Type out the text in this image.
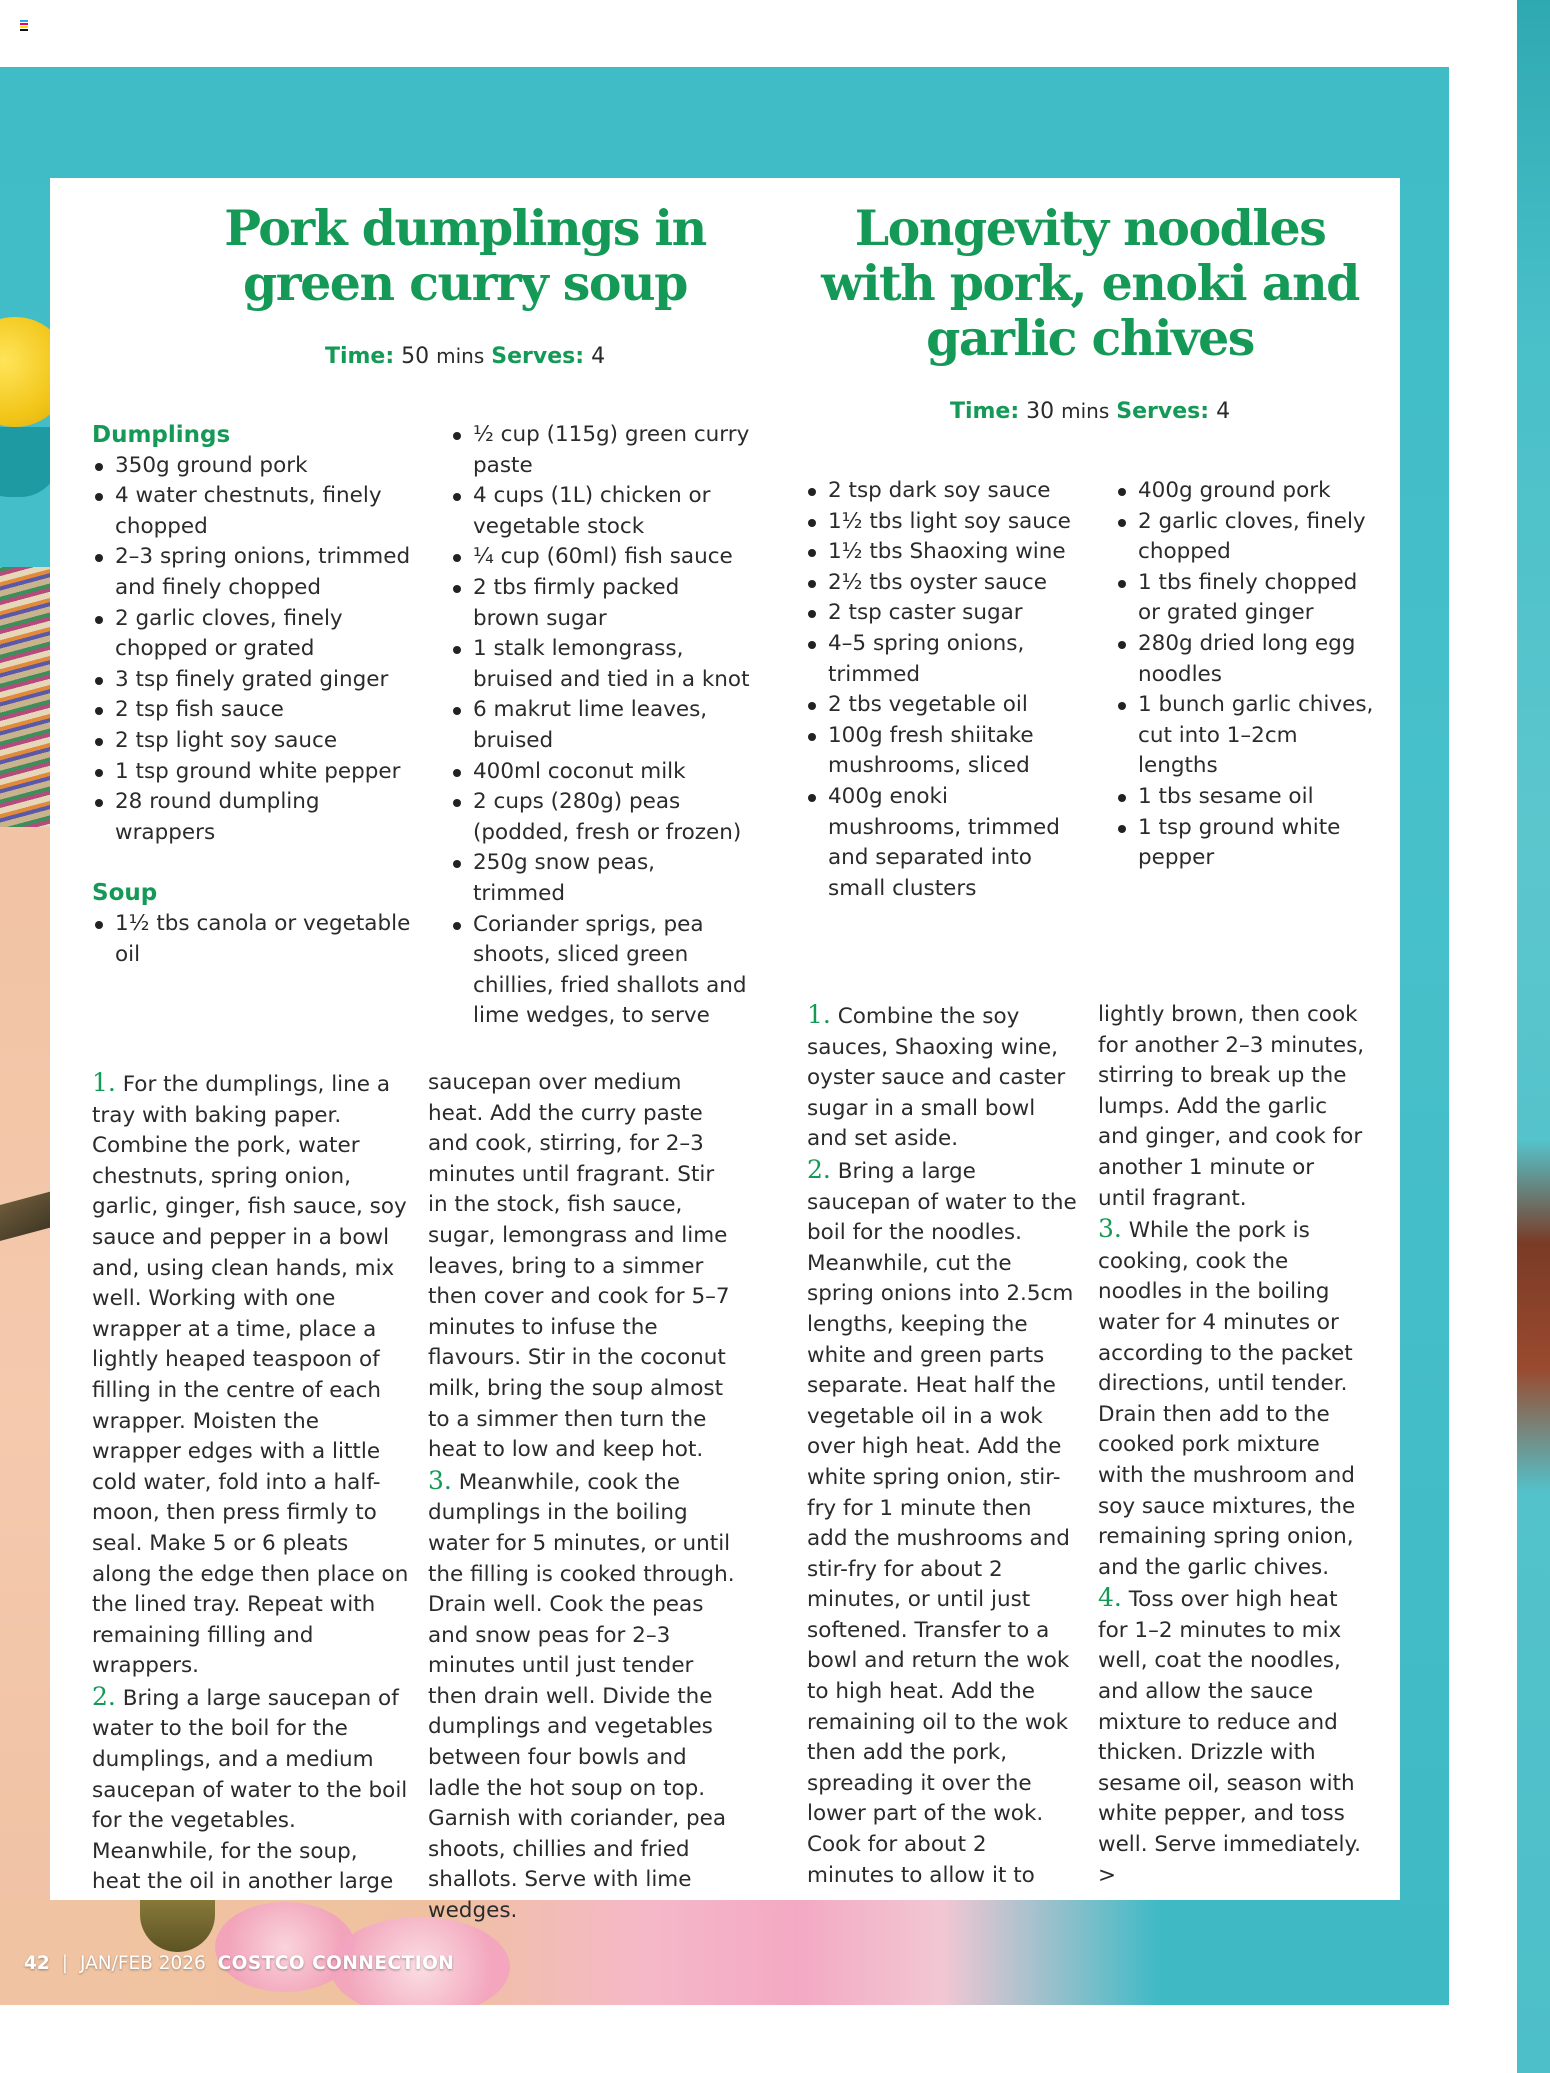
Pork dumplings in
green curry soup
Time: 50 mins Serves: 4
Dumplings
350g ground pork
4 water chestnuts, finely chopped
2–3 spring onions, trimmed and finely chopped
2 garlic cloves, finely chopped or grated
3 tsp finely grated ginger
2 tsp fish sauce
2 tsp light soy sauce
1 tsp ground white pepper
28 round dumpling wrappers
Soup
1½ tbs canola or vegetable oil
½ cup (115g) green curry paste
4 cups (1L) chicken or vegetable stock
¼ cup (60ml) fish sauce
2 tbs firmly packed brown sugar
1 stalk lemongrass, bruised and tied in a knot
6 makrut lime leaves, bruised
400ml coconut milk
2 cups (280g) peas (podded, fresh or frozen)
250g snow peas, trimmed
Coriander sprigs, pea shoots, sliced green chillies, fried shallots and lime wedges, to serve

1. For the dumplings, line a tray with baking paper. Combine the pork, water chestnuts, spring onion, garlic, ginger, fish sauce, soy sauce and pepper in a bowl and, using clean hands, mix well. Working with one wrapper at a time, place a lightly heaped teaspoon of filling in the centre of each wrapper. Moisten the wrapper edges with a little cold water, fold into a half-moon, then press firmly to seal. Make 5 or 6 pleats along the edge then place on the lined tray. Repeat with remaining filling and wrappers.

2. Bring a large saucepan of water to the boil for the dumplings, and a medium saucepan of water to the boil for the vegetables. Meanwhile, for the soup, heat the oil in another large

saucepan over medium heat. Add the curry paste and cook, stirring, for 2–3 minutes until fragrant. Stir in the stock, fish sauce, sugar, lemongrass and lime leaves, bring to a simmer then cover and cook for 5–7 minutes to infuse the flavours. Stir in the coconut milk, bring the soup almost to a simmer then turn the heat to low and keep hot.

3. Meanwhile, cook the dumplings in the boiling water for 5 minutes, or until the filling is cooked through. Drain well. Cook the peas and snow peas for 2–3 minutes until just tender then drain well. Divide the dumplings and vegetables between four bowls and ladle the hot soup on top. Garnish with coriander, pea shoots, chillies and fried shallots. Serve with lime wedges.

Longevity noodles
with pork, enoki and
garlic chives
Time: 30 mins Serves: 4
2 tsp dark soy sauce
1½ tbs light soy sauce
1½ tbs Shaoxing wine
2½ tbs oyster sauce
2 tsp caster sugar
4–5 spring onions, trimmed
2 tbs vegetable oil
100g fresh shiitake mushrooms, sliced
400g enoki mushrooms, trimmed and separated into small clusters
400g ground pork
2 garlic cloves, finely chopped
1 tbs finely chopped or grated ginger
280g dried long egg noodles
1 bunch garlic chives, cut into 1–2cm lengths
1 tbs sesame oil
1 tsp ground white pepper

1. Combine the soy sauces, Shaoxing wine, oyster sauce and caster sugar in a small bowl and set aside.

2. Bring a large saucepan of water to the boil for the noodles. Meanwhile, cut the spring onions into 2.5cm lengths, keeping the white and green parts separate. Heat half the vegetable oil in a wok over high heat. Add the white spring onion, stir-fry for 1 minute then add the mushrooms and stir-fry for about 2 minutes, or until just softened. Transfer to a bowl and return the wok to high heat. Add the remaining oil to the wok then add the pork, spreading it over the lower part of the wok. Cook for about 2 minutes to allow it to

lightly brown, then cook for another 2–3 minutes, stirring to break up the lumps. Add the garlic and ginger, and cook for another 1 minute or until fragrant.

3. While the pork is cooking, cook the noodles in the boiling water for 4 minutes or according to the packet directions, until tender. Drain then add to the cooked pork mixture with the mushroom and soy sauce mixtures, the remaining spring onion, and the garlic chives.

4. Toss over high heat for 1–2 minutes to mix well, coat the noodles, and allow the sauce mixture to reduce and thicken. Drizzle with sesame oil, season with white pepper, and toss well. Serve immediately. >

42 | JAN/FEB 2026 COSTCO CONNECTION
